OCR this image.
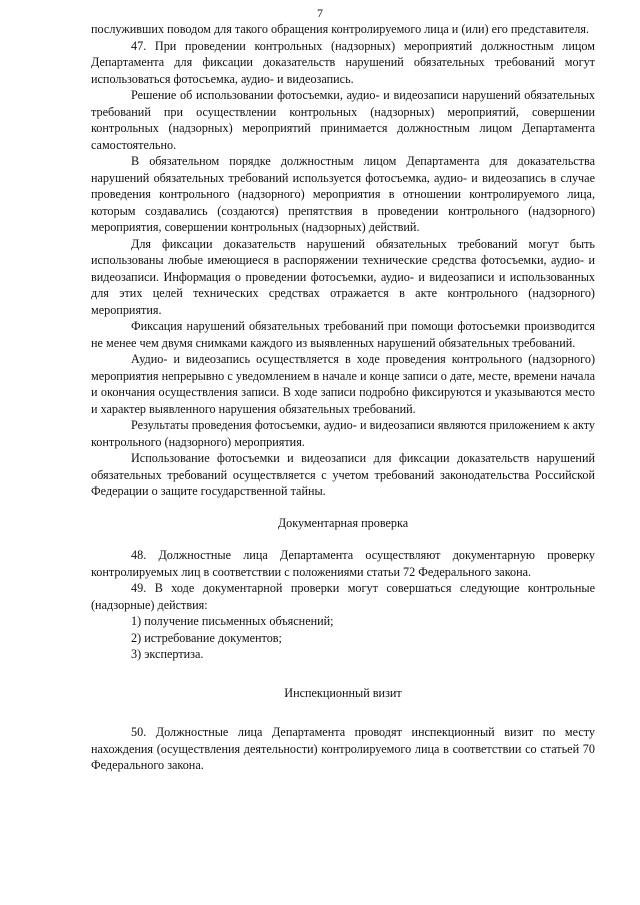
7

послуживших поводом для такого обращения контролируемого лица и (или) его представителя.

47. При проведении контрольных (надзорных) мероприятий должностным лицом Департамента для фиксации доказательств нарушений обязательных требований могут использоваться фотосъемка, аудио- и видеозапись.

Решение об использовании фотосъемки, аудио- и видеозаписи нарушений обязательных требований при осуществлении контрольных (надзорных) мероприятий, совершении контрольных (надзорных) мероприятий принимается должностным лицом Департамента самостоятельно.

В обязательном порядке должностным лицом Департамента для доказательства нарушений обязательных требований используется фотосъемка, аудио- и видеозапись в случае проведения контрольного (надзорного) мероприятия в отношении контролируемого лица, которым создавались (создаются) препятствия в проведении контрольного (надзорного) мероприятия, совершении контрольных (надзорных) действий.

Для фиксации доказательств нарушений обязательных требований могут быть использованы любые имеющиеся в распоряжении технические средства фотосъемки, аудио- и видеозаписи. Информация о проведении фотосъемки, аудио- и видеозаписи и использованных для этих целей технических средствах отражается в акте контрольного (надзорного) мероприятия.

Фиксация нарушений обязательных требований при помощи фотосъемки производится не менее чем двумя снимками каждого из выявленных нарушений обязательных требований.

Аудио- и видеозапись осуществляется в ходе проведения контрольного (надзорного) мероприятия непрерывно с уведомлением в начале и конце записи о дате, месте, времени начала и окончания осуществления записи. В ходе записи подробно фиксируются и указываются место и характер выявленного нарушения обязательных требований.

Результаты проведения фотосъемки, аудио- и видеозаписи являются приложением к акту контрольного (надзорного) мероприятия.

Использование фотосъемки и видеозаписи для фиксации доказательств нарушений обязательных требований осуществляется с учетом требований законодательства Российской Федерации о защите государственной тайны.

Документарная проверка

48. Должностные лица Департамента осуществляют документарную проверку контролируемых лиц в соответствии с положениями статьи 72 Федерального закона.

49. В ходе документарной проверки могут совершаться следующие контрольные (надзорные) действия:

1) получение письменных объяснений;

2) истребование документов;

3) экспертиза.

Инспекционный визит

50. Должностные лица Департамента проводят инспекционный визит по месту нахождения (осуществления деятельности) контролируемого лица в соответствии со статьей 70 Федерального закона.
